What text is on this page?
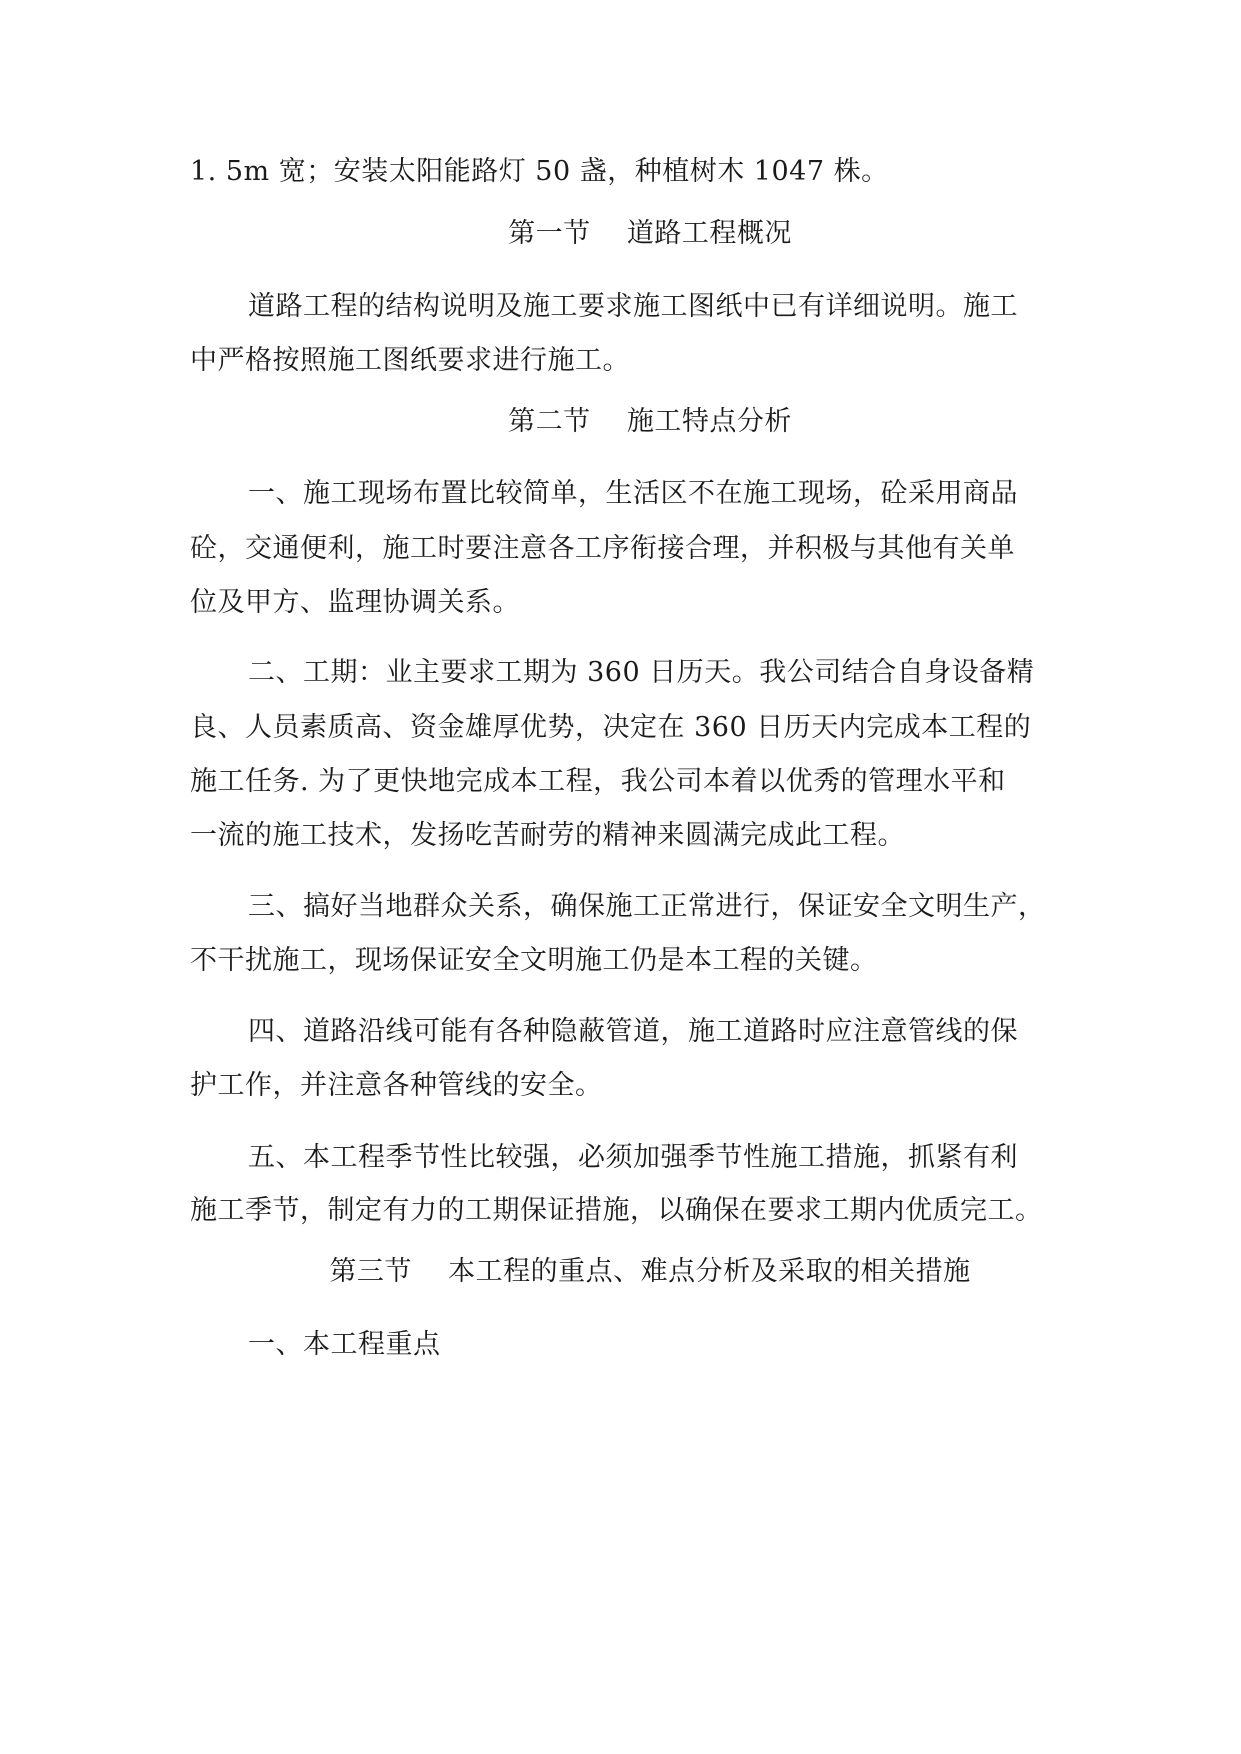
1. 5m 宽；安装太阳能路灯 50 盏，种植树木 1047 株。
第一节    道路工程概况
道路工程的结构说明及施工要求施工图纸中已有详细说明。施工
中严格按照施工图纸要求进行施工。
第二节    施工特点分析
一、施工现场布置比较简单，生活区不在施工现场，砼采用商品
砼，交通便利，施工时要注意各工序衔接合理，并积极与其他有关单
位及甲方、监理协调关系。
二、工期：业主要求工期为 360 日历天。我公司结合自身设备精
良、人员素质高、资金雄厚优势，决定在 360 日历天内完成本工程的
施工任务. 为了更快地完成本工程，我公司本着以优秀的管理水平和
一流的施工技术，发扬吃苦耐劳的精神来圆满完成此工程。
三、搞好当地群众关系，确保施工正常进行，保证安全文明生产，
不干扰施工，现场保证安全文明施工仍是本工程的关键。
四、道路沿线可能有各种隐蔽管道，施工道路时应注意管线的保
护工作，并注意各种管线的安全。
五、本工程季节性比较强，必须加强季节性施工措施，抓紧有利
施工季节，制定有力的工期保证措施，以确保在要求工期内优质完工。
第三节    本工程的重点、难点分析及采取的相关措施
一、本工程重点
